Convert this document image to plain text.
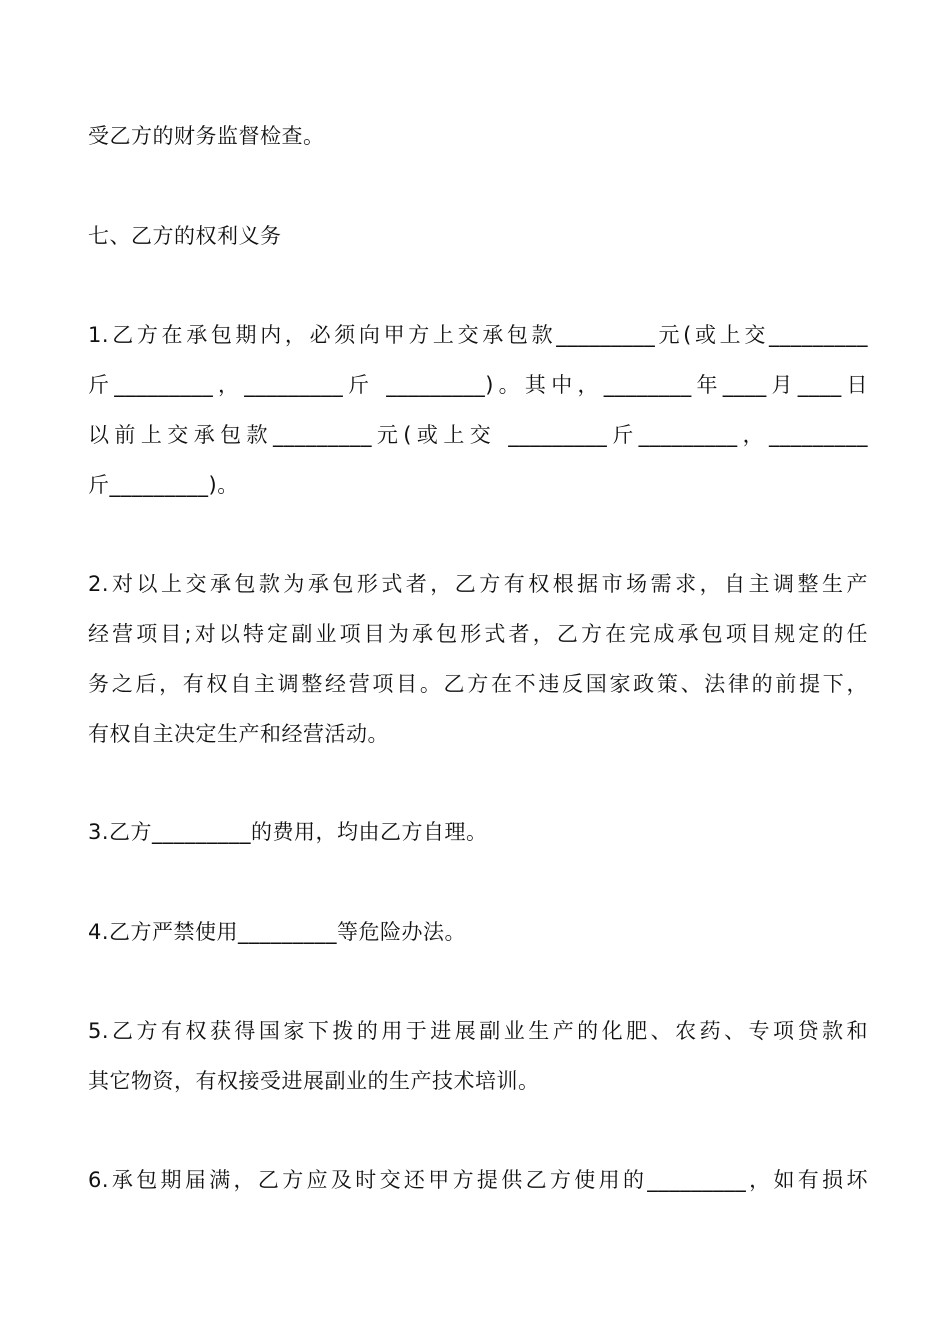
受乙方的财务监督检查。
七、乙方的权利义务
1.乙方在承包期内，必须向甲方上交承包款_________元(或上交_________
斤_________，_________斤 _________)。其中，________年____月____日
以前上交承包款_________元(或上交 _________斤_________，_________
斤_________)。
2.对以上交承包款为承包形式者，乙方有权根据市场需求，自主调整生产
经营项目;对以特定副业项目为承包形式者，乙方在完成承包项目规定的任
务之后，有权自主调整经营项目。乙方在不违反国家政策、法律的前提下，
有权自主决定生产和经营活动。
3.乙方_________的费用，均由乙方自理。
4.乙方严禁使用_________等危险办法。
5.乙方有权获得国家下拨的用于进展副业生产的化肥、农药、专项贷款和
其它物资，有权接受进展副业的生产技术培训。
6.承包期届满，乙方应及时交还甲方提供乙方使用的_________，如有损坏
